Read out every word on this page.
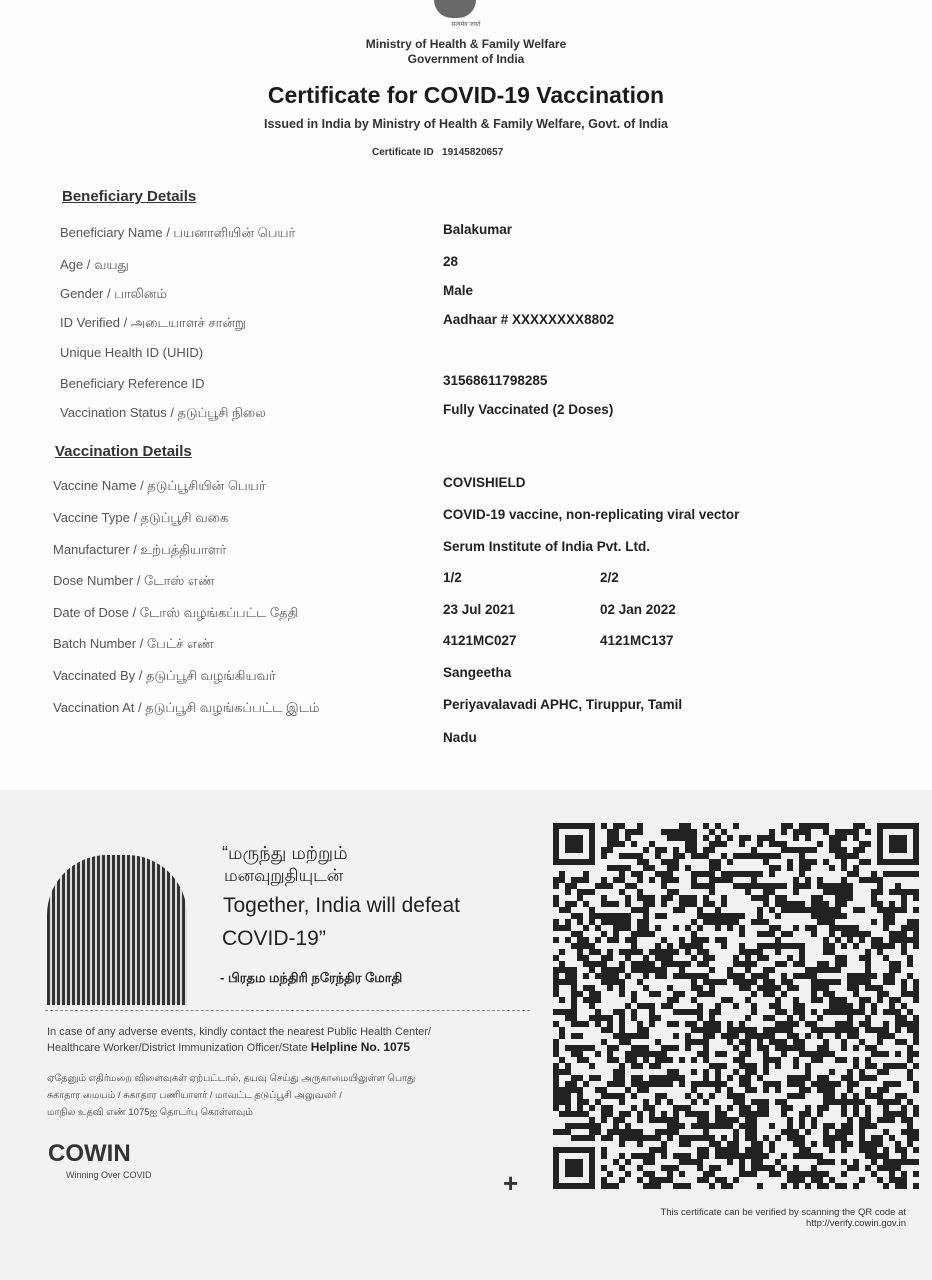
सत्यमेव जयते
Ministry of Health & Family Welfare
Government of India
Certificate for COVID-19 Vaccination
Issued in India by Ministry of Health & Family Welfare, Govt. of India
Certificate ID 19145820657
Beneficiary Details
Beneficiary Name / பயனாளியின் பெயர்	Balakumar
Age / வயது	28
Gender / பாலினம்	Male
ID Verified / அடையாளச் சான்று	Aadhaar # XXXXXXXX8802
Unique Health ID (UHID)
Beneficiary Reference ID	31568611798285
Vaccination Status / தடுப்பூசி நிலை	Fully Vaccinated (2 Doses)
Vaccination Details
Vaccine Name / தடுப்பூசியின் பெயர்	COVISHIELD
Vaccine Type / தடுப்பூசி வகை	COVID-19 vaccine, non-replicating viral vector
Manufacturer / உற்பத்தியாளர்	Serum Institute of India Pvt. Ltd.
Dose Number / டோஸ் எண்	1/2	2/2
Date of Dose / டோஸ் வழங்கப்பட்ட தேதி	23 Jul 2021	02 Jan 2022
Batch Number / பேட்ச் எண்	4121MC027	4121MC137
Vaccinated By / தடுப்பூசி வழங்கியவர்	Sangeetha
Vaccination At / தடுப்பூசி வழங்கப்பட்ட இடம்	Periyavalavadi APHC, Tiruppur, Tamil
Nadu
“மருந்து மற்றும்
மனவுறுதியுடன்
Together, India will defeat
COVID-19”
- பிரதம மந்திரி நரேந்திர மோதி
In case of any adverse events, kindly contact the nearest Public Health Center/
Healthcare Worker/District Immunization Officer/State Helpline No. 1075
ஏதேனும் எதிர்மறை விளைவுகள் ஏற்பட்டால், தயவு செய்து அருகாமையிலுள்ள பொது
சுகாதார மையம் / சுகாதார பணியாளர் / மாவட்ட தடுப்பூசி அலுவலர் /
மாநில உதவி எண் 1075ஐ தொடர்பு கொள்ளவும்
COWIN
Winning Over COVID	+
This certificate can be verified by scanning the QR code at
http://verify.cowin.gov.in
